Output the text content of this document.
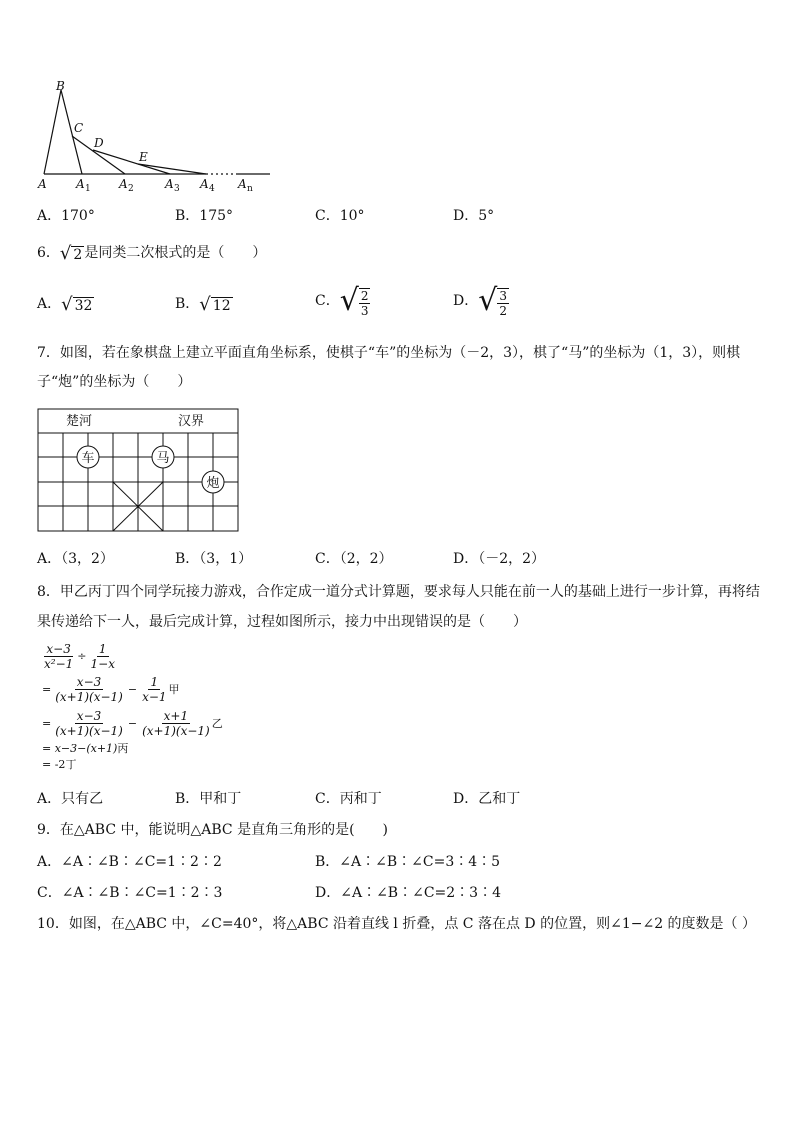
B
C
D
E
A A 1 A 2	A 3 A 4 A n
A．170°	B．175°	C．10°	D．5°
6． √ 2 是同类二次根式的是（　　）
A． √ 32	B． √ 12	C． √ $\frac{2}{3}$	D． √ $\frac{3}{2}$
7．如图，若在象棋盘上建立平面直角坐标系，使棋子“车”的坐标为（－2，3），棋了“马”的坐标为（1，3），则棋
子“炮”的坐标为（　　）
楚河	汉界
车	马
炮
A．（3，2）	B．（3，1）	C．（2，2）	D．（－2，2）
8．甲乙丙丁四个同学玩接力游戏，合作定成一道分式计算题，要求每人只能在前一人的基础上进行一步计算，再将结
果传递给下一人，最后完成计算，过程如图所示，接力中出现错误的是（　　）
$\frac{x-3}{\text{x²−1}} \div \frac{1}{1-x}$
= $\frac{x-3}{(x+1)(x-1)} - \frac{1}{x-1}$ 甲
= $\frac{x-3}{(x+1)(x-1)} - \frac{x+1}{(x+1)(x-1)}$ 乙
= x−3−(x+1) 丙
= -2 丁
A．只有乙	B．甲和丁	C．丙和丁	D．乙和丁
9．在△ABC 中，能说明△ABC 是直角三角形的是(　　)
A．∠A∶∠B∶∠C=1∶2∶2	B．∠A∶∠B∶∠C=3∶4∶5
C．∠A∶∠B∶∠C=1∶2∶3	D．∠A∶∠B∶∠C=2∶3∶4
10．如图，在△ABC 中，∠C=40°，将△ABC 沿着直线 l 折叠，点 C 落在点 D 的位置，则∠1−∠2 的度数是（ ）
